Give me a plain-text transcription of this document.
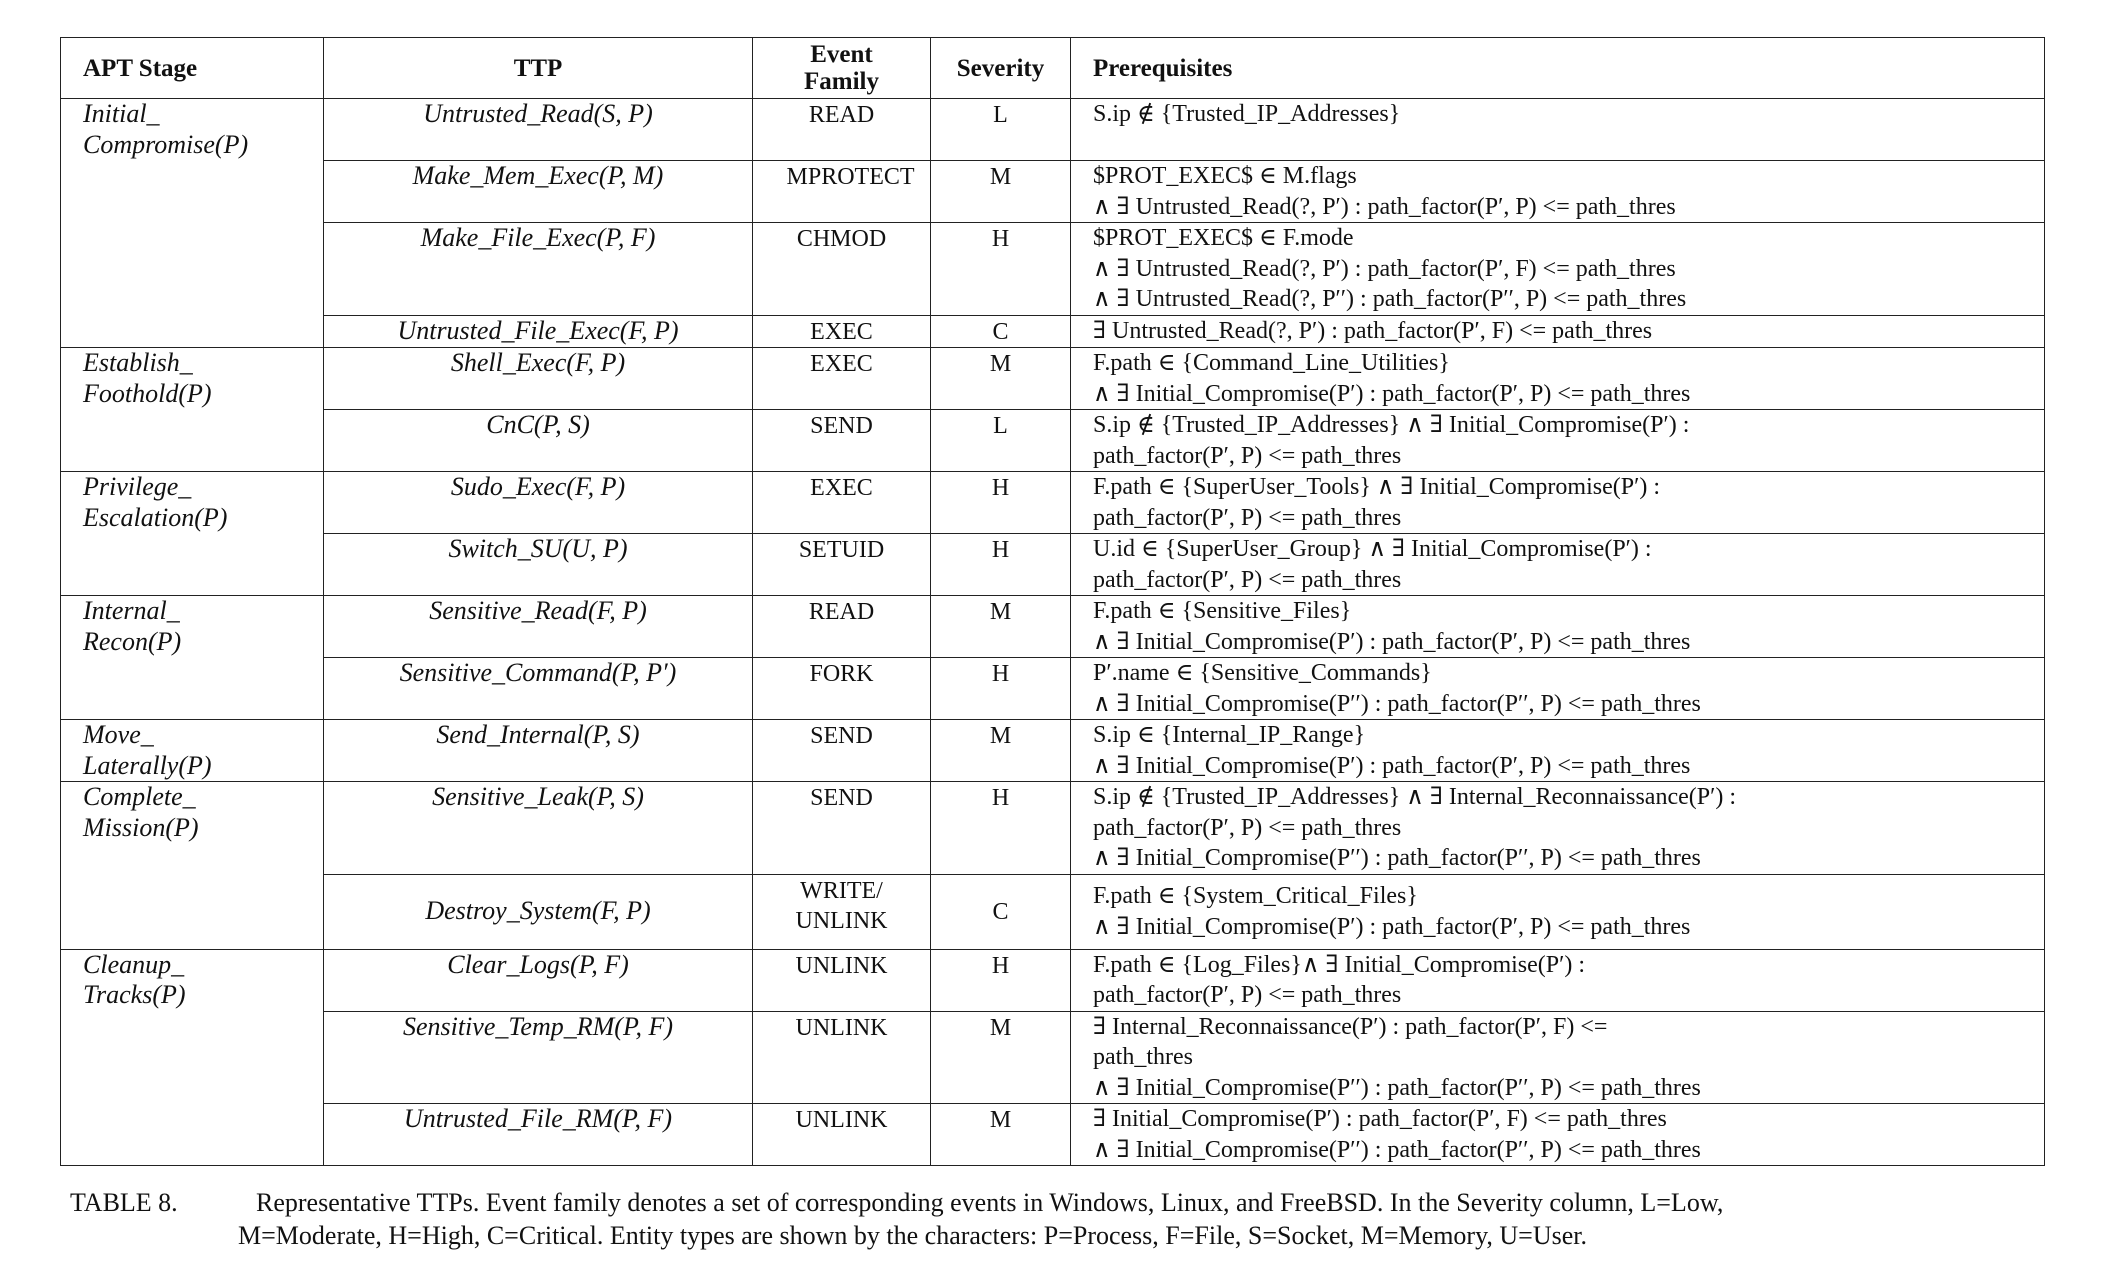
APT Stage	TTP	Event Family	Severity	Prerequisites

Initial_
Compromise(P)	Untrusted_Read(S, P)	READ	L	S.ip ∉ {Trusted_IP_Addresses}

	Make_Mem_Exec(P, M)	MPROTECT	M	$PROT_EXEC$ ∈ M.flags
∧ ∃ Untrusted_Read(?, P′) : path_factor(P′, P) <= path_thres

	Make_File_Exec(P, F)	CHMOD	H	$PROT_EXEC$ ∈ F.mode
∧ ∃ Untrusted_Read(?, P′) : path_factor(P′, F) <= path_thres
∧ ∃ Untrusted_Read(?, P′′) : path_factor(P′′, P) <= path_thres

	Untrusted_File_Exec(F, P)	EXEC	C	∃ Untrusted_Read(?, P′) : path_factor(P′, F) <= path_thres

Establish_
Foothold(P)	Shell_Exec(F, P)	EXEC	M	F.path ∈ {Command_Line_Utilities}
∧ ∃ Initial_Compromise(P′) : path_factor(P′, P) <= path_thres

	CnC(P, S)	SEND	L	S.ip ∉ {Trusted_IP_Addresses} ∧ ∃ Initial_Compromise(P′) :
path_factor(P′, P) <= path_thres

Privilege_
Escalation(P)	Sudo_Exec(F, P)	EXEC	H	F.path ∈ {SuperUser_Tools} ∧ ∃ Initial_Compromise(P′) :
path_factor(P′, P) <= path_thres

	Switch_SU(U, P)	SETUID	H	U.id ∈ {SuperUser_Group} ∧ ∃ Initial_Compromise(P′) :
path_factor(P′, P) <= path_thres

Internal_
Recon(P)	Sensitive_Read(F, P)	READ	M	F.path ∈ {Sensitive_Files}
∧ ∃ Initial_Compromise(P′) : path_factor(P′, P) <= path_thres

	Sensitive_Command(P, P′)	FORK	H	P′.name ∈ {Sensitive_Commands}
∧ ∃ Initial_Compromise(P′′) : path_factor(P′′, P) <= path_thres

Move_
Laterally(P)	Send_Internal(P, S)	SEND	M	S.ip ∈ {Internal_IP_Range}
∧ ∃ Initial_Compromise(P′) : path_factor(P′, P) <= path_thres

Complete_
Mission(P)	Sensitive_Leak(P, S)	SEND	H	S.ip ∉ {Trusted_IP_Addresses} ∧ ∃ Internal_Reconnaissance(P′) :
path_factor(P′, P) <= path_thres
∧ ∃ Initial_Compromise(P′′) : path_factor(P′′, P) <= path_thres

	Destroy_System(F, P)	WRITE/ UNLINK	C	F.path ∈ {System_Critical_Files}
∧ ∃ Initial_Compromise(P′) : path_factor(P′, P) <= path_thres

Cleanup_
Tracks(P)	Clear_Logs(P, F)	UNLINK	H	F.path ∈ {Log_Files}∧ ∃ Initial_Compromise(P′) :
path_factor(P′, P) <= path_thres

	Sensitive_Temp_RM(P, F)	UNLINK	M	∃ Internal_Reconnaissance(P′) : path_factor(P′, F) <=
path_thres
∧ ∃ Initial_Compromise(P′′) : path_factor(P′′, P) <= path_thres

	Untrusted_File_RM(P, F)	UNLINK	M	∃ Initial_Compromise(P′) : path_factor(P′, F) <= path_thres
∧ ∃ Initial_Compromise(P′′) : path_factor(P′′, P) <= path_thres
TABLE 8.	Representative TTPs. Event family denotes a set of corresponding events in Windows, Linux, and FreeBSD. In the Severity column, L=Low,
M=Moderate, H=High, C=Critical. Entity types are shown by the characters: P=Process, F=File, S=Socket, M=Memory, U=User.
